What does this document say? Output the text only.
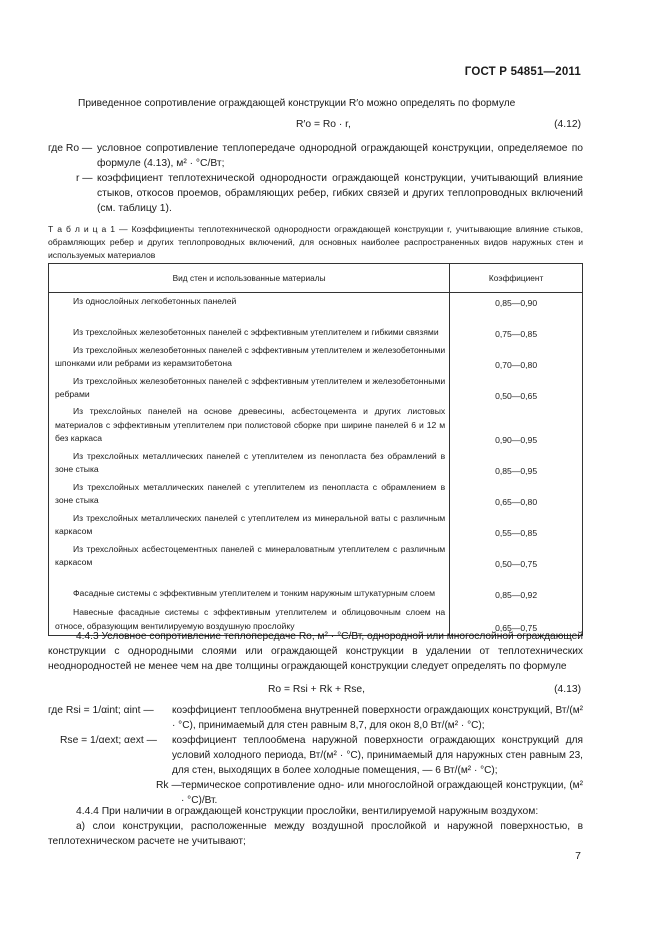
ГОСТ Р 54851—2011
Приведенное сопротивление ограждающей конструкции R′о можно определять по формуле
R′о = Rо · r,	(4.12)
где Rо — условное сопротивление теплопередаче однородной ограждающей конструкции, определяемое по формуле (4.13), м² · °С/Вт;
r — коэффициент теплотехнической однородности ограждающей конструкции, учитывающий влияние стыков, откосов проемов, обрамляющих ребер, гибких связей и других теплопроводных включений (см. таблицу 1).
Т а б л и ц а 1 — Коэффициенты теплотехнической однородности ограждающей конструкции r, учитывающие влияние стыков, обрамляющих ребер и других теплопроводных включений, для основных наиболее распространенных видов наружных стен и используемых материалов
Вид стен и использованные материалы	Коэффициент

Из однослойных легкобетонных панелей	0,85—0,90

Из трехслойных железобетонных панелей с эффективным утеплителем и гибкими связями	0,75—0,85

Из трехслойных железобетонных панелей с эффективным утеплителем и железобетонными шпонками или ребрами из керамзитобетона	0,70—0,80

Из трехслойных железобетонных панелей с эффективным утеплителем и железобетонными ребрами	0,50—0,65

Из трехслойных панелей на основе древесины, асбестоцемента и других листовых материалов с эффективным утеплителем при полистовой сборке при ширине панелей 6 и 12 м без каркаса	0,90—0,95

Из трехслойных металлических панелей с утеплителем из пенопласта без обрамлений в зоне стыка	0,85—0,95

Из трехслойных металлических панелей с утеплителем из пенопласта с обрамлением в зоне стыка	0,65—0,80

Из трехслойных металлических панелей с утеплителем из минеральной ваты с различным каркасом	0,55—0,85

Из трехслойных асбестоцементных панелей с минераловатным утеплителем с различным каркасом	0,50—0,75

Фасадные системы с эффективным утеплителем и тонким наружным штукатурным слоем	0,85—0,92

Навесные фасадные системы с эффективным утеплителем и облицовочным слоем на относе, образующим вентилируемую воздушную прослойку	0,65—0,75
4.4.3 Условное сопротивление теплопередаче Rо, м² · °С/Вт, однородной или многослойной ограждающей конструкции с однородными слоями или ограждающей конструкции в удалении от теплотехнических неоднородностей не менее чем на две толщины ограждающей конструкции следует определять по формуле
Rо = Rsi + Rk + Rse,	(4.13)
где Rsi = 1/αint; αint — коэффициент теплообмена внутренней поверхности ограждающих конструкций, Вт/(м² · °С), принимаемый для стен равным 8,7, для окон 8,0 Вт/(м² · °С);
Rse = 1/αext; αext — коэффициент теплообмена наружной поверхности ограждающих конструкций для условий холодного периода, Вт/(м² · °С), принимаемый для наружных стен равным 23, для стен, выходящих в более холодные помещения, — 6 Вт/(м² · °С);
Rk — термическое сопротивление одно- или многослойной ограждающей конструкции, (м² · °С)/Вт.
4.4.4 При наличии в ограждающей конструкции прослойки, вентилируемой наружным воздухом:
а) слои конструкции, расположенные между воздушной прослойкой и наружной поверхностью, в теплотехническом расчете не учитывают;
7
